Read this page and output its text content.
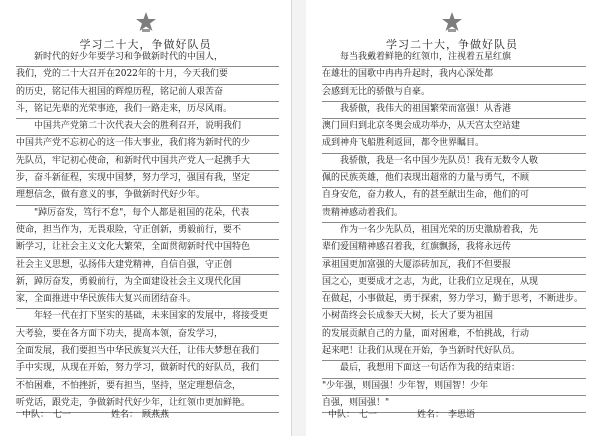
学习二十大，争做好队员
　　新时代的好少年要学习和争做新时代的中国人，
我们，党的二十大召开在2022年的十月，今天我们要
的历史，铭记伟大祖国的辉煌历程，铭记前人艰苦奋
斗，铭记先辈的光荣事迹，我们一路走来，历尽风雨。
　　中国共产党第二十次代表大会的胜利召开，说明我们
中国共产党不忘初心的这一伟大事业，我们将为新时代的少
先队员，牢记初心使命，和新时代中国共产党人一起携手大
步，奋斗新征程，实现中国梦，努力学习，强国有我，坚定
理想信念，做有意义的事，争做新时代好少年。
　　"踔厉奋发，笃行不怠"，每个人都是祖国的花朵，代表
使命，担当作为，无畏艰险，守正创新，勇毅前行，要不
断学习，让社会主义文化大繁荣，全面贯彻新时代中国特色
社会主义思想，弘扬伟大建党精神，自信自强，守正创
新，踔厉奋发，勇毅前行，为全面建设社会主义现代化国
家，全面推进中华民族伟大复兴而团结奋斗。
　　年轻一代在打下坚实的基础，未来国家的发展中，将接受更
大考验，要在各方面下功夫，提高本领，奋发学习，
全面发展，我们要担当中华民族复兴大任，让伟大梦想在我们
手中实现，从现在开始，努力学习，做新时代的好队员，我们
不怕困难，不怕挫折，要有担当，坚持，坚定理想信念，
听党话，跟党走，争做新时代好少年，让红领巾更加鲜艳。
中队： 七一	姓名： 顾燕燕
学习二十大，争做好队员
　　每当我戴着鲜艳的红领巾，注视着五星红旗
在雄壮的国歌中冉冉升起时，我内心深处都
会感到无比的骄傲与自豪。
　　我骄傲，我伟大的祖国繁荣而富强！从香港
澳门回归到北京冬奥会成功举办，从天宫太空站建
成到神舟飞船胜利返回，都令世界瞩目。
　　我骄傲，我是一名中国少先队员！我有无数令人敬
佩的民族英雄，他们表现出超常的力量与勇气，不顾
自身安危，奋力救人，有的甚至献出生命，他们的可
贵精神感动着我们。
　　作为一名少先队员，祖国光荣的历史激励着我，先
辈们爱国精神感召着我，红旗飘扬，我将永远传
承祖国更加富强的大厦添砖加瓦，我们不但要报
国之心，更要成才之志，为此，让我们立足现在，从现
在做起，小事做起，勇于探索，努力学习，勤于思考，不断进步。
小树苗终会长成参天大树，长大了要为祖国
的发展贡献自己的力量，面对困难，不怕挑战，行动
起来吧！让我们从现在开始，争当新时代好队员。
　　最后，我想用下面这一句话作为我的结束语：
"少年强，则国强！少年智，则国智！少年
自强，则国强！"
中队： 七一	姓名： 李思语
